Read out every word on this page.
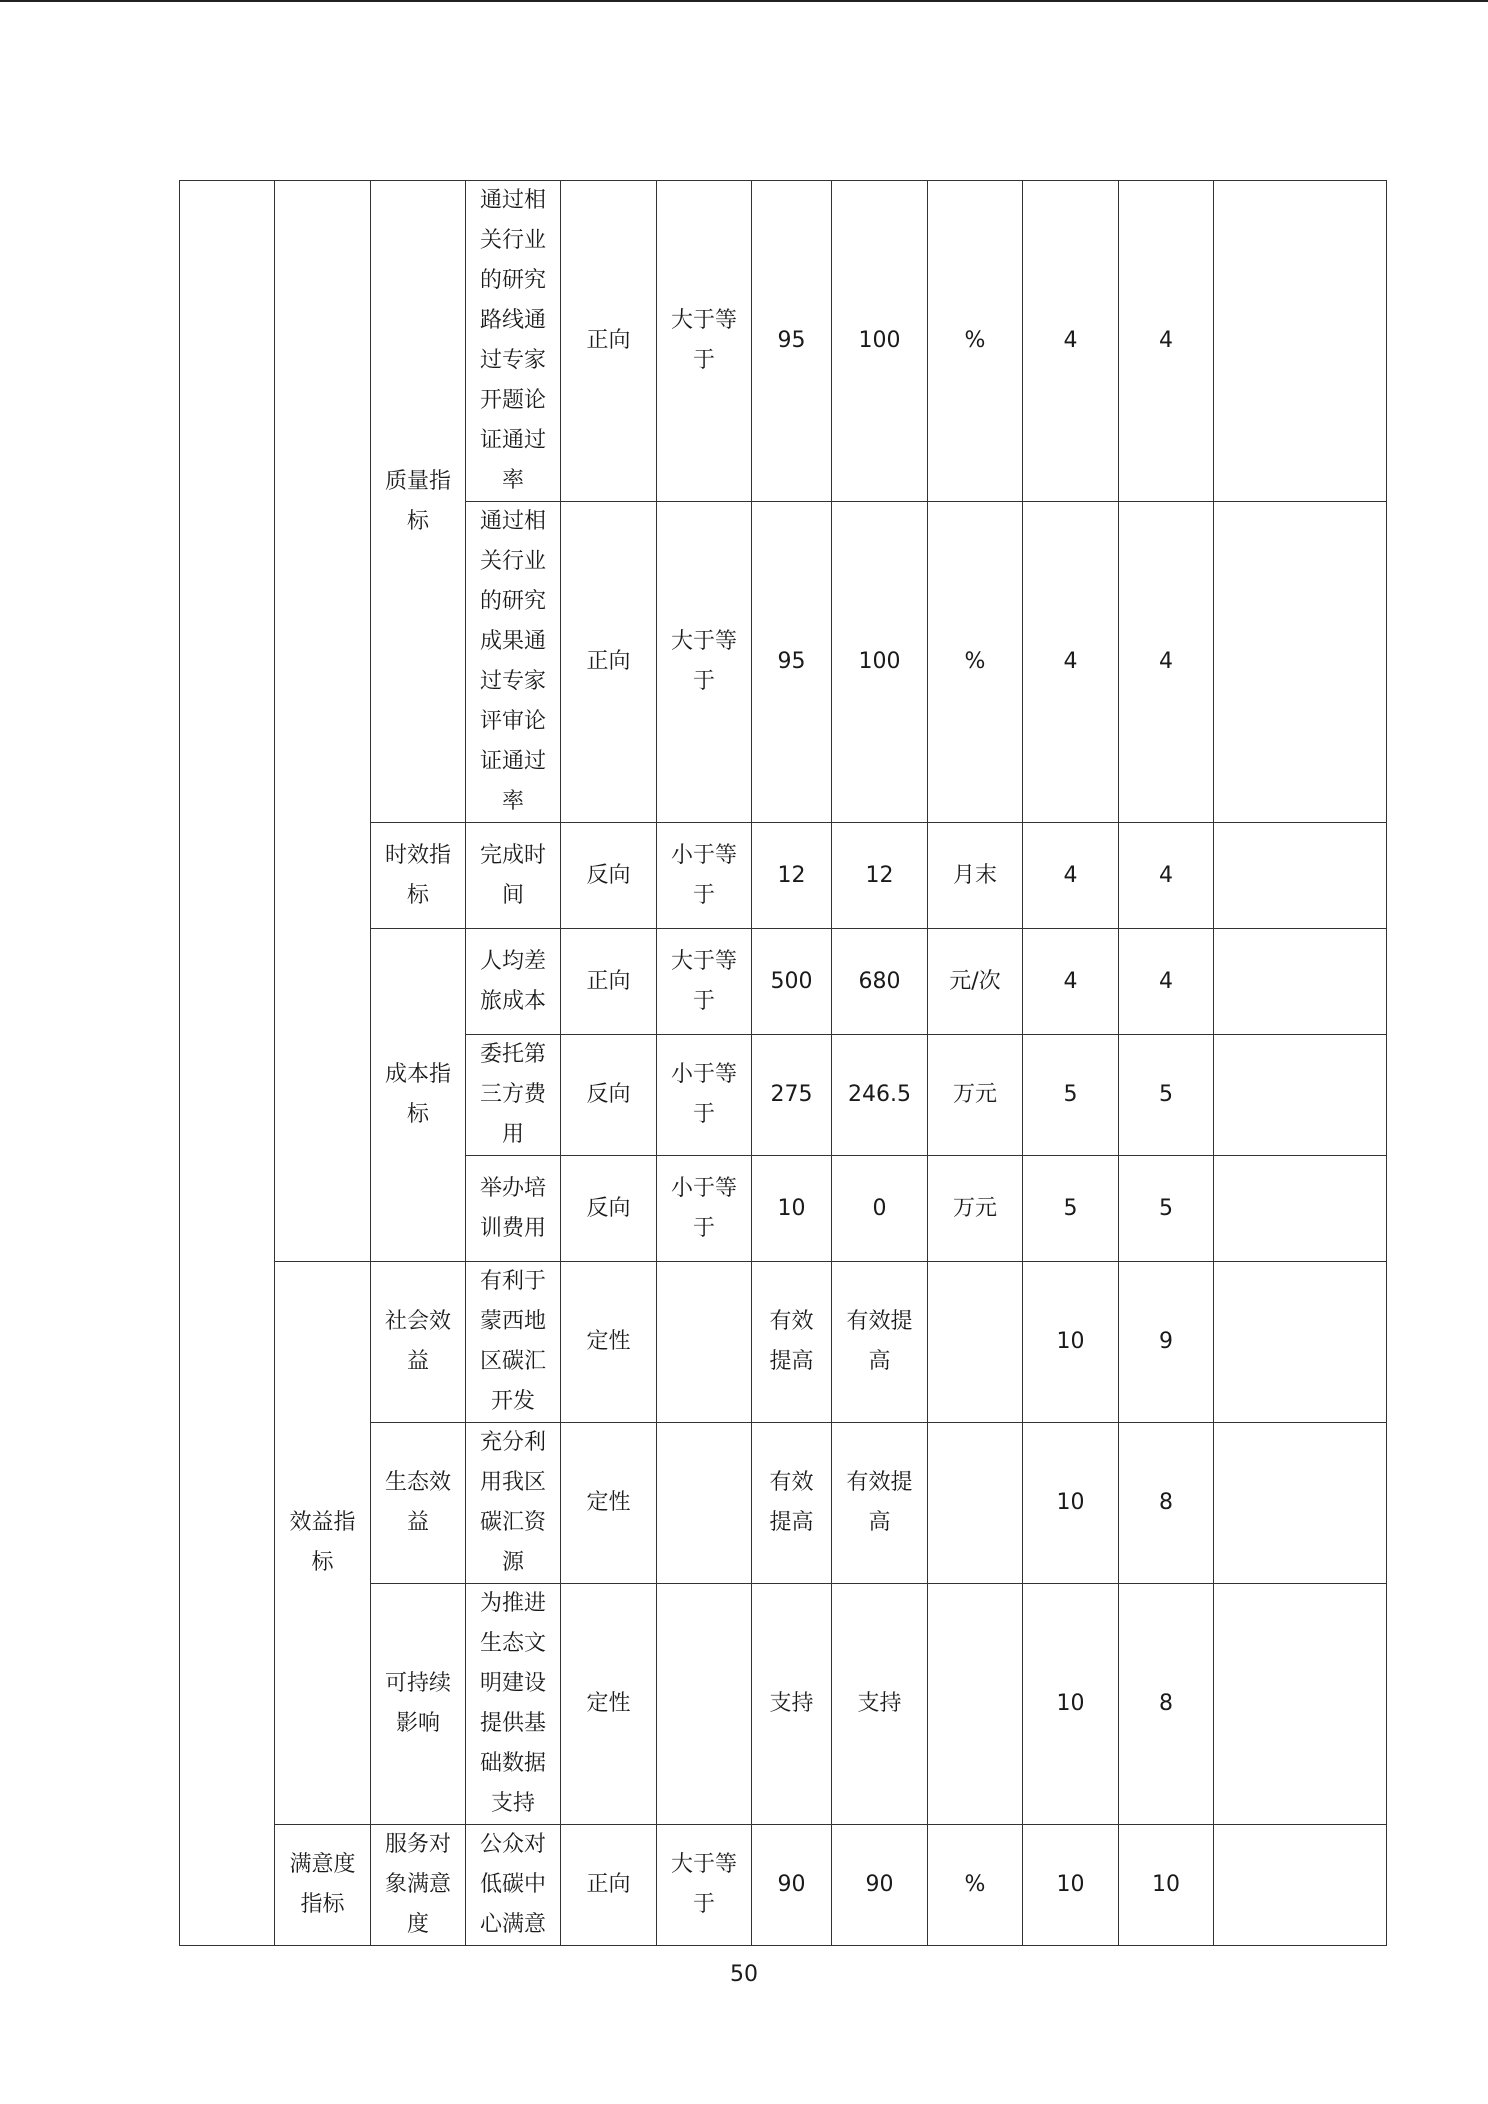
		质量指标	通过相关行业的研究路线通过专家开题论证通过率	正向	大于等于	95	100	%	4	4	
			通过相关行业的研究成果通过专家评审论证通过率	正向	大于等于	95	100	%	4	4	
		时效指标	完成时间	反向	小于等于	12	12	月末	4	4	
		成本指标	人均差旅成本	正向	大于等于	500	680	元/次	4	4	
			委托第三方费用	反向	小于等于	275	246.5	万元	5	5	
			举办培训费用	反向	小于等于	10	0	万元	5	5	
	效益指标	社会效益	有利于蒙西地区碳汇开发	定性		有效提高	有效提高		10	9	
		生态效益	充分利用我区碳汇资源	定性		有效提高	有效提高		10	8	
		可持续影响	为推进生态文明建设提供基础数据支持	定性		支持	支持		10	8	
	满意度指标	服务对象满意度	公众对低碳中心满意	正向	大于等于	90	90	%	10	10	
50
